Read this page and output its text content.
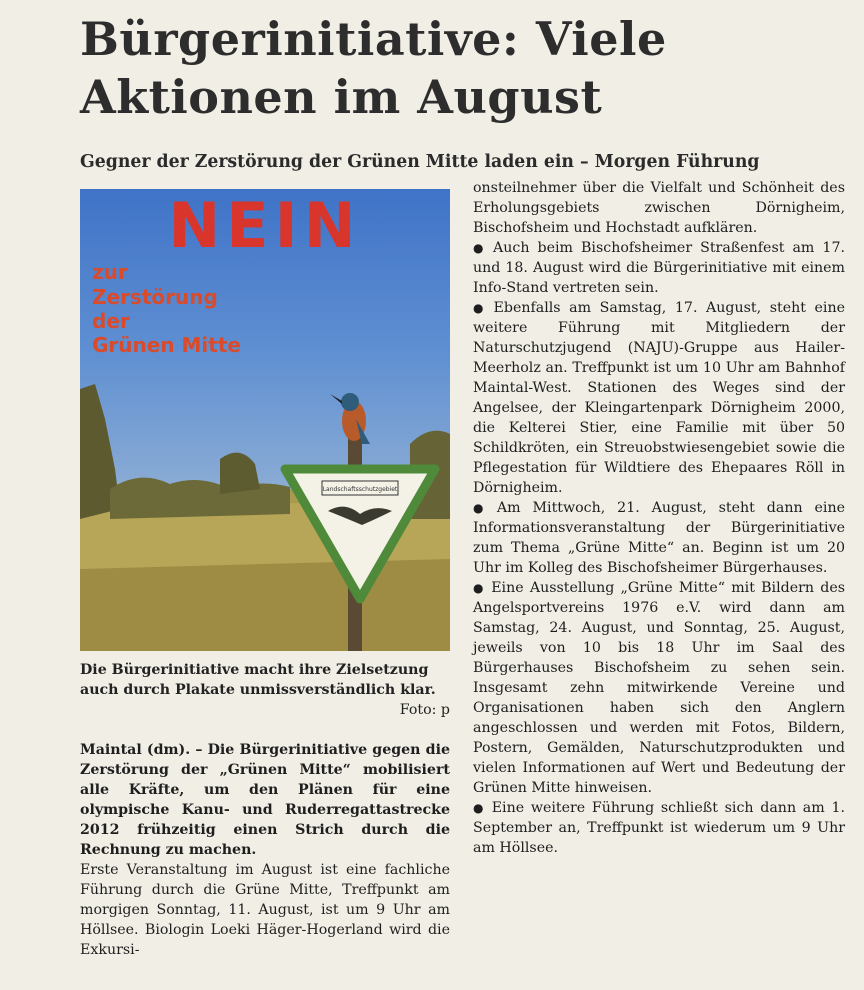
Bürgerinitiative: Viele
Aktionen im August
Gegner der Zerstörung der Grünen Mitte laden ein – Morgen Führung
Landschaftsschutzgebiet
NEIN
zur
Zerstörung
der
Grünen Mitte

Die Bürgerinitiative macht ihre Zielsetzung auch durch Plakate unmissverständlich klar.
Foto: p

Maintal (dm). – Die Bürgerinitiative gegen die Zerstörung der „Grünen Mitte“ mobilisiert alle Kräfte, um den Plänen für eine olympische Kanu- und Ruderregattastrecke 2012 frühzeitig einen Strich durch die Rechnung zu machen.

Erste Veranstaltung im August ist eine fachliche Führung durch die Grüne Mitte, Treffpunkt am morgigen Sonntag, 11. August, ist um 9 Uhr am Höllsee. Biologin Loeki Häger-Hogerland wird die Exkursi-

onsteilnehmer über die Vielfalt und Schönheit des Erholungsgebiets zwischen Dörnigheim, Bischofsheim und Hochstadt aufklären.

● Auch beim Bischofsheimer Straßenfest am 17. und 18. August wird die Bürgerinitiative mit einem Info-Stand vertreten sein.

● Ebenfalls am Samstag, 17. August, steht eine weitere Führung mit Mitgliedern der Naturschutzjugend (NAJU)-Gruppe aus Hailer-Meerholz an. Treffpunkt ist um 10 Uhr am Bahnhof Maintal-West. Stationen des Weges sind der Angelsee, der Kleingartenpark Dörnigheim 2000, die Kelterei Stier, eine Familie mit über 50 Schildkröten, ein Streuobstwiesengebiet sowie die Pflegestation für Wildtiere des Ehepaares Röll in Dörnigheim.

● Am Mittwoch, 21. August, steht dann eine Informationsveranstaltung der Bürgerinitiative zum Thema „Grüne Mitte“ an. Beginn ist um 20 Uhr im Kolleg des Bischofsheimer Bürgerhauses.

● Eine Ausstellung „Grüne Mitte“ mit Bildern des Angelsportvereins 1976 e.V. wird dann am Samstag, 24. August, und Sonntag, 25. August, jeweils von 10 bis 18 Uhr im Saal des Bürgerhauses Bischofsheim zu sehen sein. Insgesamt zehn mitwirkende Vereine und Organisationen haben sich den Anglern angeschlossen und werden mit Fotos, Bildern, Postern, Gemälden, Naturschutzprodukten und vielen Informationen auf Wert und Bedeutung der Grünen Mitte hinweisen.

● Eine weitere Führung schließt sich dann am 1. September an, Treffpunkt ist wiederum um 9 Uhr am Höllsee.
